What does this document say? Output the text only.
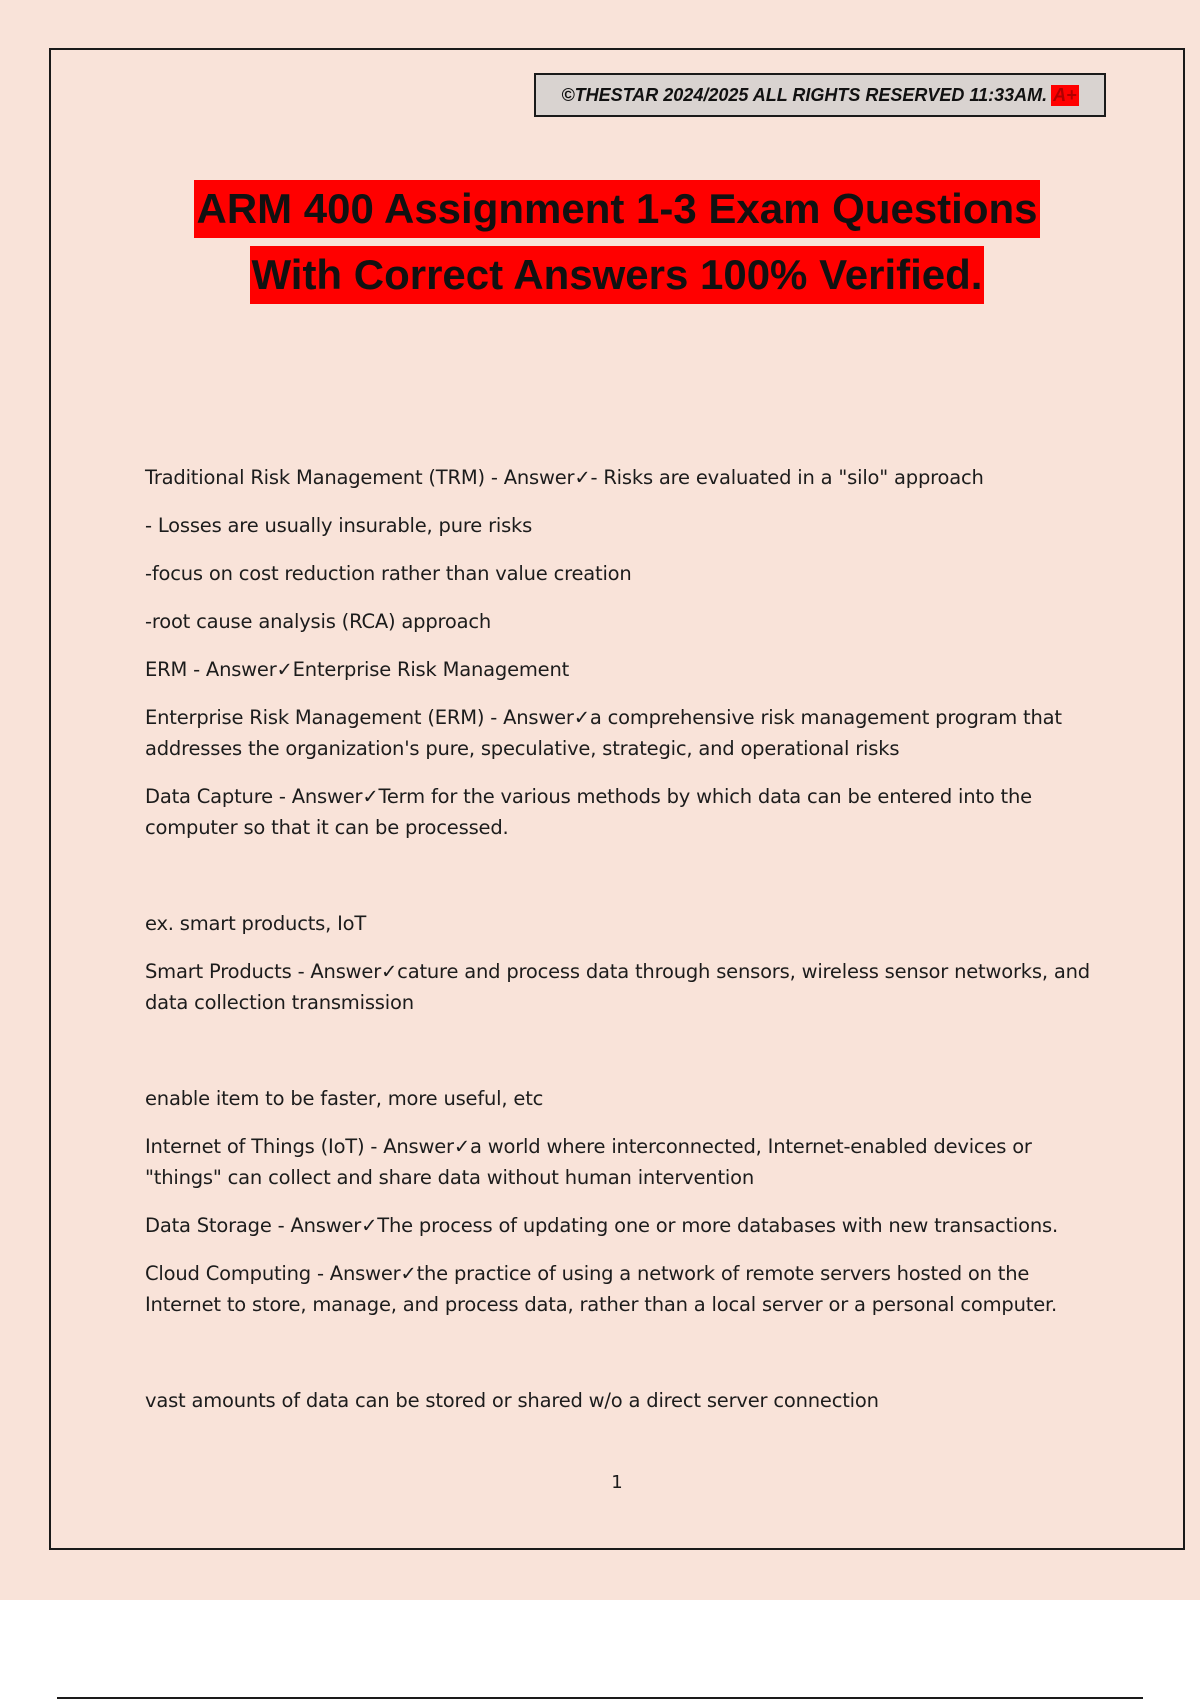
©THESTAR 2024/2025 ALL RIGHTS RESERVED 11:33AM. A+
ARM 400 Assignment 1-3 Exam Questions
With Correct Answers 100% Verified.

Traditional Risk Management (TRM) - Answer✓- Risks are evaluated in a "silo" approach

- Losses are usually insurable, pure risks

-focus on cost reduction rather than value creation

-root cause analysis (RCA) approach

ERM - Answer✓Enterprise Risk Management

Enterprise Risk Management (ERM) - Answer✓a comprehensive risk management program that addresses the organization's pure, speculative, strategic, and operational risks

Data Capture - Answer✓Term for the various methods by which data can be entered into the computer so that it can be processed.

ex. smart products, IoT

Smart Products - Answer✓cature and process data through sensors, wireless sensor networks, and data collection transmission

enable item to be faster, more useful, etc

Internet of Things (IoT) - Answer✓a world where interconnected, Internet-enabled devices or "things" can collect and share data without human intervention

Data Storage - Answer✓The process of updating one or more databases with new transactions.

Cloud Computing - Answer✓the practice of using a network of remote servers hosted on the Internet to store, manage, and process data, rather than a local server or a personal computer.

vast amounts of data can be stored or shared w/o a direct server connection

1
